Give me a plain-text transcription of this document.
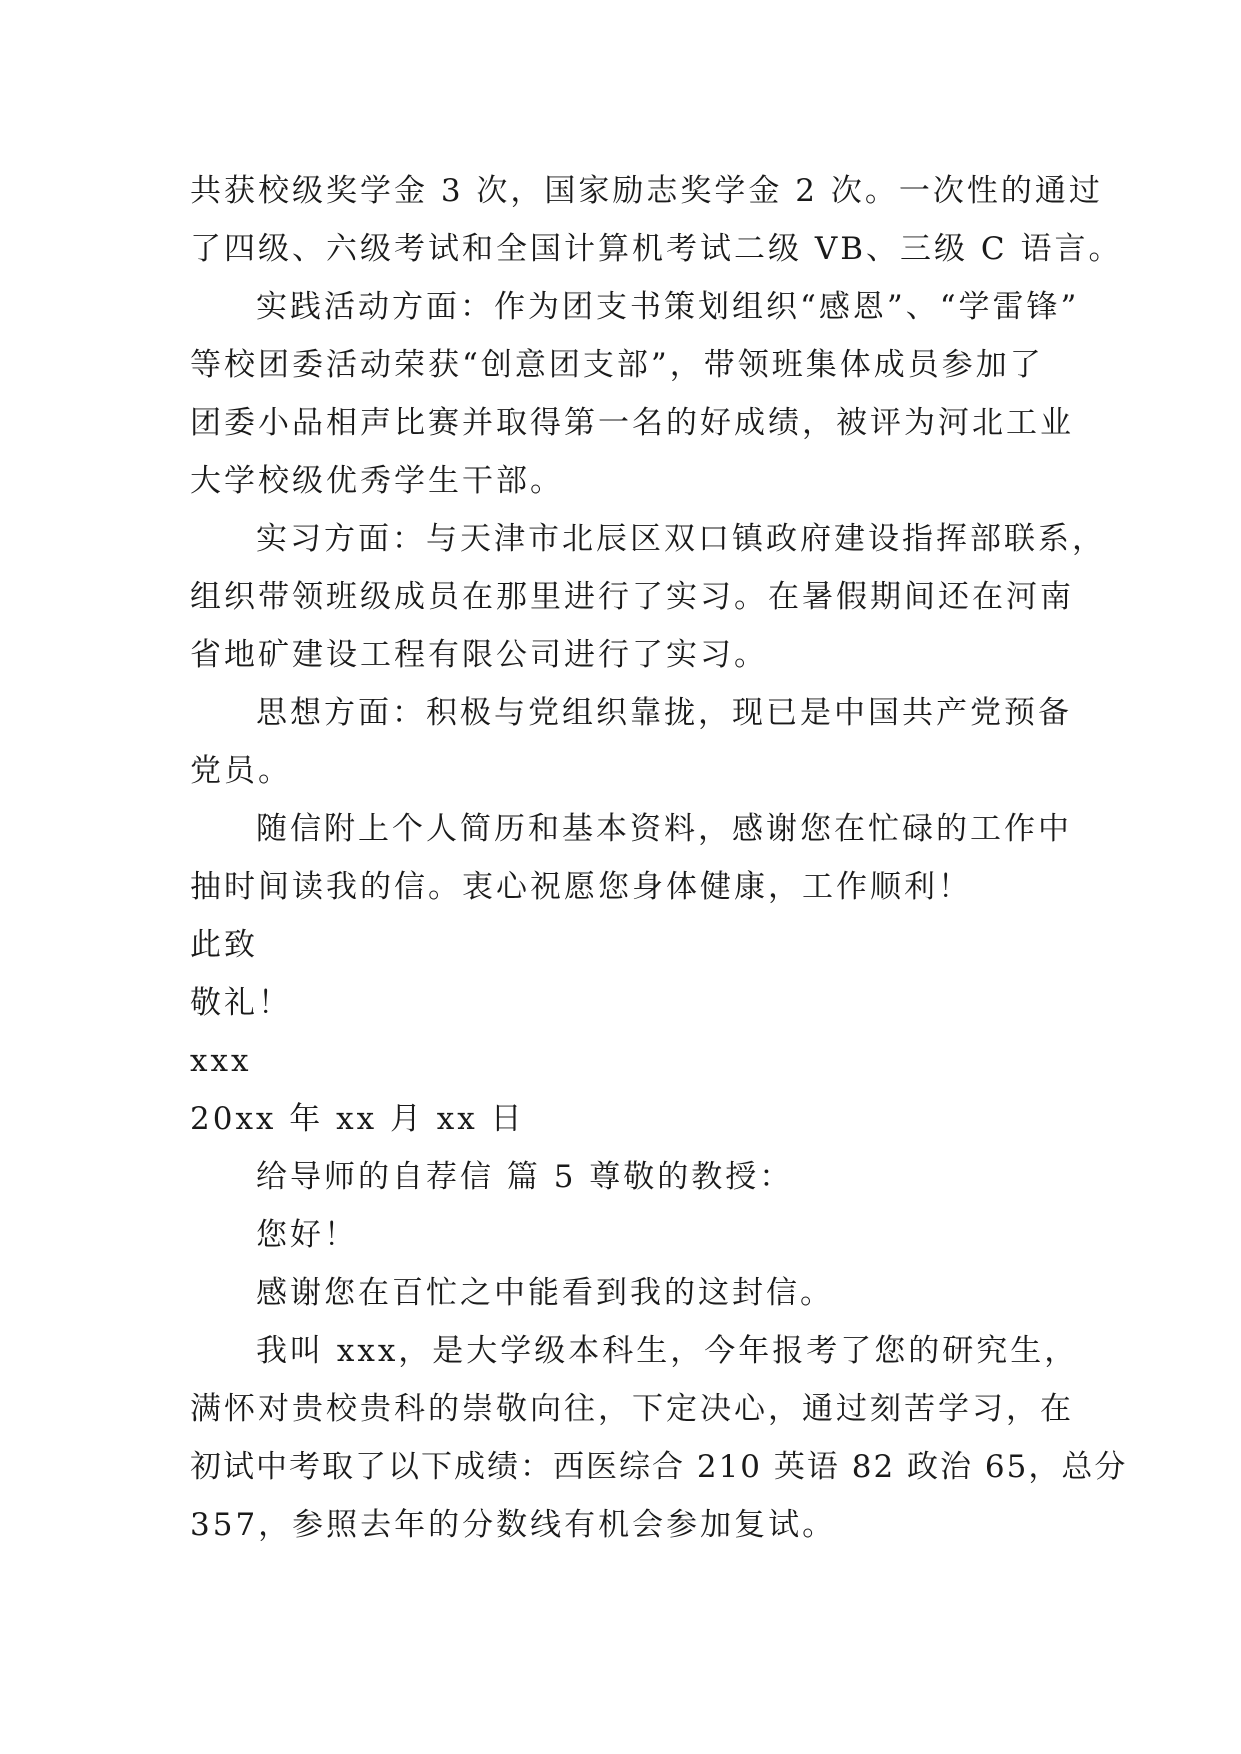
共获校级奖学金 3 次，国家励志奖学金 2 次。一次性的通过
了四级、六级考试和全国计算机考试二级 VB、三级 C 语言。
实践活动方面：作为团支书策划组织“感恩”、“学雷锋”
等校团委活动荣获“创意团支部”，带领班集体成员参加了
团委小品相声比赛并取得第一名的好成绩，被评为河北工业
大学校级优秀学生干部。
实习方面：与天津市北辰区双口镇政府建设指挥部联系，
组织带领班级成员在那里进行了实习。在暑假期间还在河南
省地矿建设工程有限公司进行了实习。
思想方面：积极与党组织靠拢，现已是中国共产党预备
党员。
随信附上个人简历和基本资料，感谢您在忙碌的工作中
抽时间读我的信。衷心祝愿您身体健康，工作顺利！
此致
敬礼！
xxx
20xx 年 xx 月 xx 日
给导师的自荐信 篇 5 尊敬的教授：
您好！
感谢您在百忙之中能看到我的这封信。
我叫 xxx，是大学级本科生，今年报考了您的研究生，
满怀对贵校贵科的崇敬向往，下定决心，通过刻苦学习，在
初试中考取了以下成绩：西医综合 210 英语 82 政治 65，总分
357，参照去年的分数线有机会参加复试。
